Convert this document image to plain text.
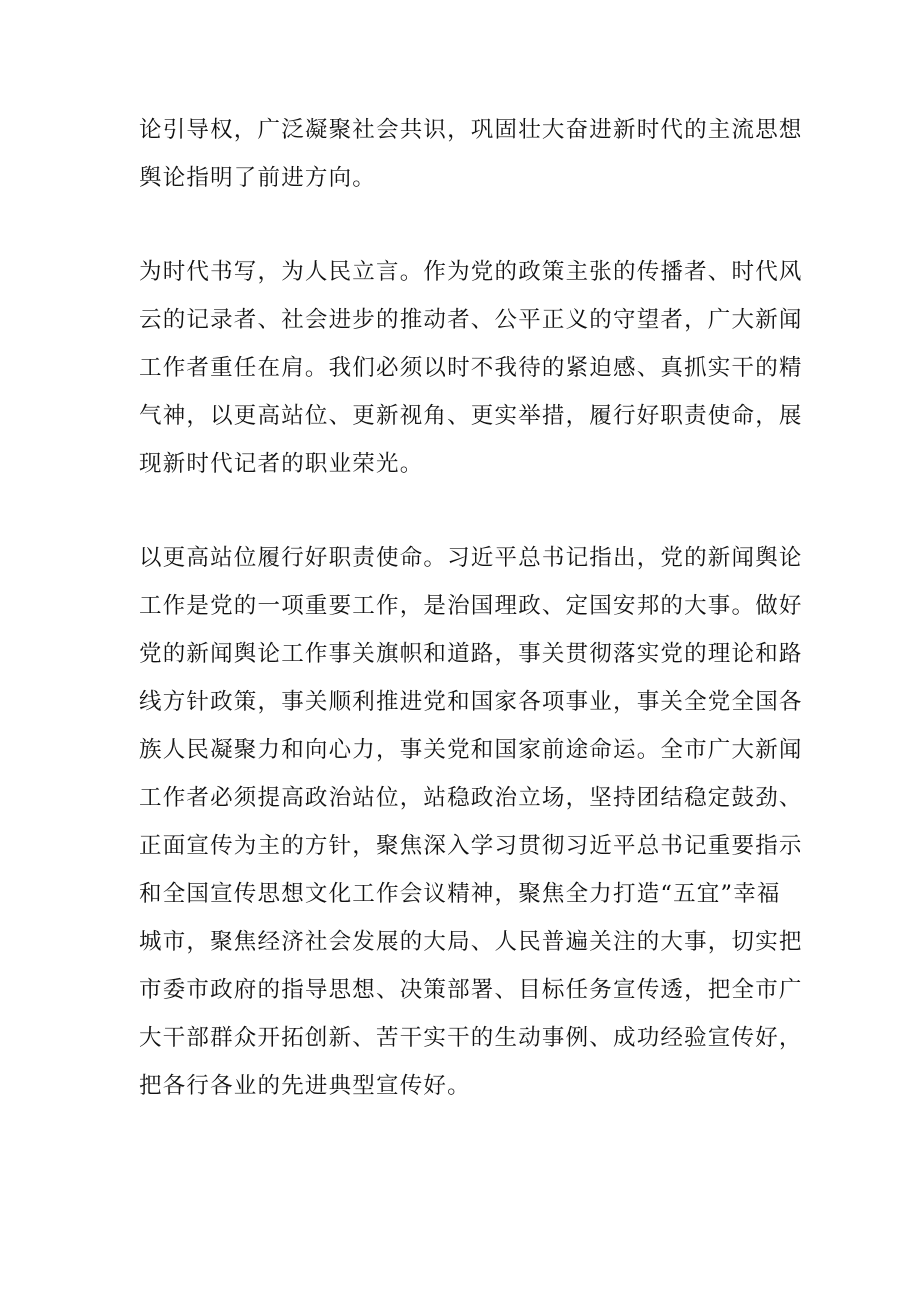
论引导权，广泛凝聚社会共识，巩固壮大奋进新时代的主流思想
舆论指明了前进方向。
为时代书写，为人民立言。作为党的政策主张的传播者、时代风
云的记录者、社会进步的推动者、公平正义的守望者，广大新闻
工作者重任在肩。我们必须以时不我待的紧迫感、真抓实干的精
气神，以更高站位、更新视角、更实举措，履行好职责使命，展
现新时代记者的职业荣光。
以更高站位履行好职责使命。习近平总书记指出，党的新闻舆论
工作是党的一项重要工作，是治国理政、定国安邦的大事。做好
党的新闻舆论工作事关旗帜和道路，事关贯彻落实党的理论和路
线方针政策，事关顺利推进党和国家各项事业，事关全党全国各
族人民凝聚力和向心力，事关党和国家前途命运。全市广大新闻
工作者必须提高政治站位，站稳政治立场，坚持团结稳定鼓劲、
正面宣传为主的方针，聚焦深入学习贯彻习近平总书记重要指示
和全国宣传思想文化工作会议精神，聚焦全力打造“五宜”幸福
城市，聚焦经济社会发展的大局、人民普遍关注的大事，切实把
市委市政府的指导思想、决策部署、目标任务宣传透，把全市广
大干部群众开拓创新、苦干实干的生动事例、成功经验宣传好，
把各行各业的先进典型宣传好。
